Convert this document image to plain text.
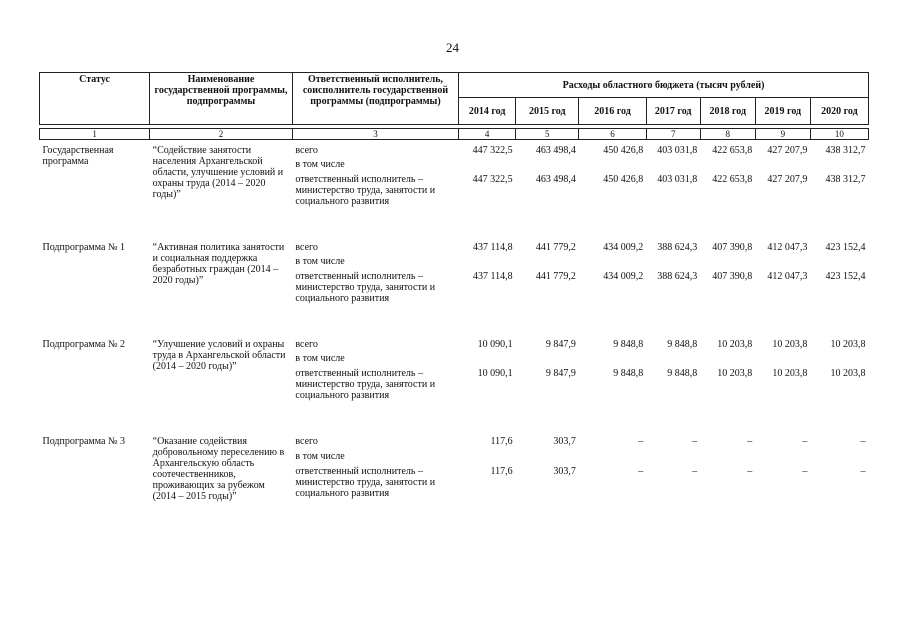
24
Статус	Наименование государственной программы, подпрограммы	Ответственный исполнитель, соисполнитель государственной программы (подпрограммы)	Расходы областного бюджета (тысяч рублей)						
			2014 год	2015 год	2016 год	2017 год	2018 год	2019 год	2020 год

1	2	3	4	5	6	7	8	9	10
Государственная программа	“Содействие занятости населения Архангельской области, улучшение условий и охраны труда (2014 – 2020 годы)”	всего	447 322,5	463 498,4	450 426,8	403 031,8	422 653,8	427 207,9	438 312,7
		в том числе							
		ответственный исполнитель – министерство труда, занятости и социального развития	447 322,5	463 498,4	450 426,8	403 031,8	422 653,8	427 207,9	438 312,7

Подпрограмма № 1	“Активная политика занятости и социальная поддержка безработных граждан (2014 – 2020 годы)”	всего	437 114,8	441 779,2	434 009,2	388 624,3	407 390,8	412 047,3	423 152,4
		в том числе							
		ответственный исполнитель – министерство труда, занятости и социального развития	437 114,8	441 779,2	434 009,2	388 624,3	407 390,8	412 047,3	423 152,4

Подпрограмма № 2	“Улучшение условий и охраны труда в Архангельской области (2014 – 2020 годы)”	всего	10 090,1	9 847,9	9 848,8	9 848,8	10 203,8	10 203,8	10 203,8
		в том числе							
		ответственный исполнитель – министерство труда, занятости и социального развития	10 090,1	9 847,9	9 848,8	9 848,8	10 203,8	10 203,8	10 203,8

Подпрограмма № 3	“Оказание содействия добровольному переселению в Архангельскую область соотечественников, проживающих за рубежом (2014 – 2015 годы)”	всего	117,6	303,7	–	–	–	–	–
		в том числе							
		ответственный исполнитель – министерство труда, занятости и социального развития	117,6	303,7	–	–	–	–	–
